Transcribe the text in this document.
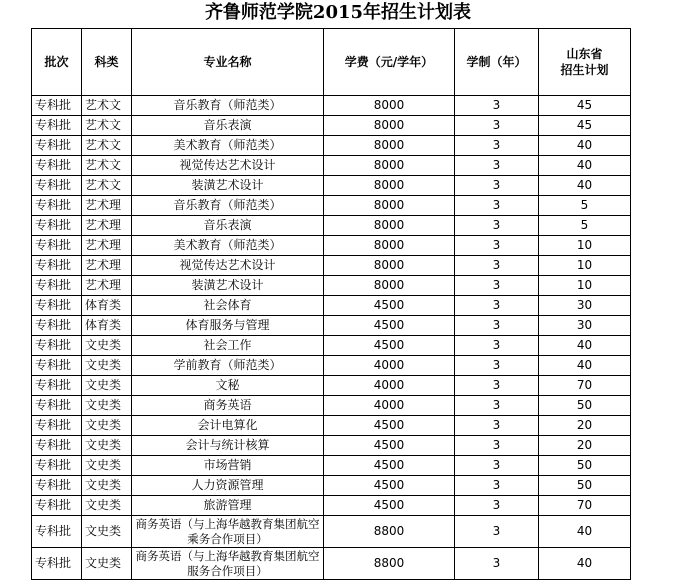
齐鲁师范学院2015年招生计划表
批次	科类	专业名称	学费（元/学年）	学制（年）	山东省
招生计划

专科批	艺术文	音乐教育（师范类）	8000	3	45
专科批	艺术文	音乐表演	8000	3	45
专科批	艺术文	美术教育（师范类）	8000	3	40
专科批	艺术文	视觉传达艺术设计	8000	3	40
专科批	艺术文	装潢艺术设计	8000	3	40
专科批	艺术理	音乐教育（师范类）	8000	3	5
专科批	艺术理	音乐表演	8000	3	5
专科批	艺术理	美术教育（师范类）	8000	3	10
专科批	艺术理	视觉传达艺术设计	8000	3	10
专科批	艺术理	装潢艺术设计	8000	3	10
专科批	体育类	社会体育	4500	3	30
专科批	体育类	体育服务与管理	4500	3	30
专科批	文史类	社会工作	4500	3	40
专科批	文史类	学前教育（师范类）	4000	3	40
专科批	文史类	文秘	4000	3	70
专科批	文史类	商务英语	4000	3	50
专科批	文史类	会计电算化	4500	3	20
专科批	文史类	会计与统计核算	4500	3	20
专科批	文史类	市场营销	4500	3	50
专科批	文史类	人力资源管理	4500	3	50
专科批	文史类	旅游管理	4500	3	70
专科批	文史类	商务英语（与上海华越教育集团航空乘务合作项目）	8800	3	40
专科批	文史类	商务英语（与上海华越教育集团航空服务合作项目）	8800	3	40
